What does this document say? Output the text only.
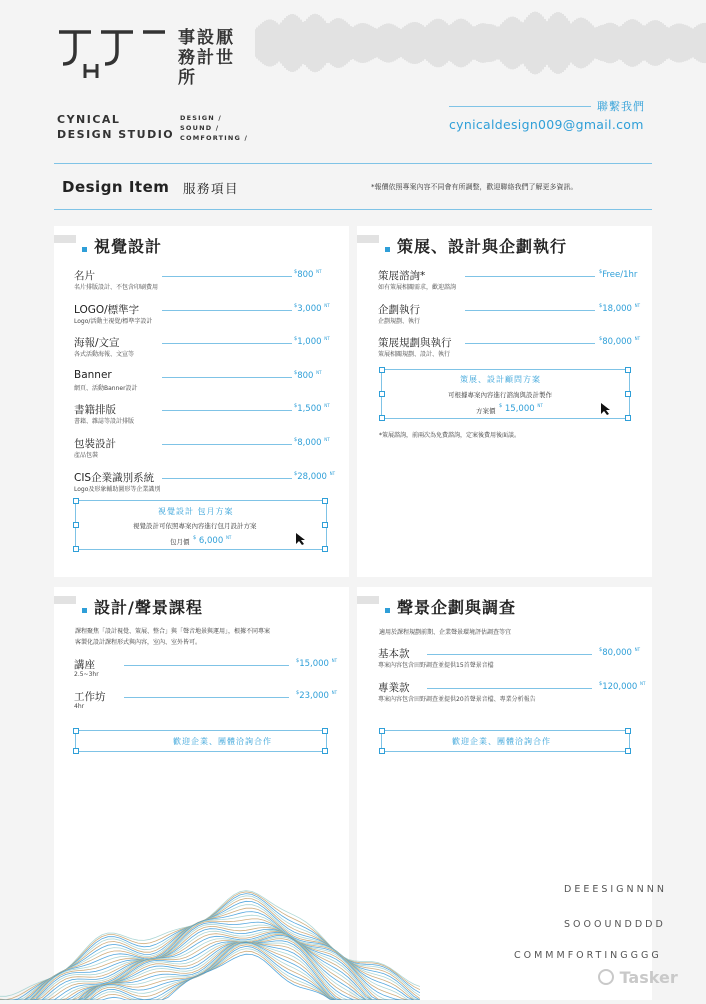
事設厭
務計世
所
CYNICAL
DESIGN STUDIO
DESIGN /
SOUND /
COMFORTING /
聯繫我們
cynicaldesign009@gmail.com
Design Item 服務項目	*報價依照專案內容不同會有所調整，歡迎聯絡我們了解更多資訊。
視覺設計
名片
名片排版設計、不包含印刷費用
$800 $^{NT}$
LOGO/標準字
Logo/活動主視覺/標準字設計
$3,000 $^{NT}$
海報/文宣
各式活動海報、文宣等
$1,000 $^{NT}$
Banner
網頁、活動Banner設計
$800 $^{NT}$
書籍排版
書籍、雜誌等設計排版
$1,500 $^{NT}$
包裝設計
產品包裝
$8,000 $^{NT}$
CIS企業識別系統
Logo及形象輔助圖形等企業識別
$28,000 $^{NT}$
視覺設計 包月方案
視覺設計可依照專案內容進行包月設計方案
包月價 $ 6,000 $^{NT}$
策展、設計與企劃執行
策展諮詢*
如有策展相關需求，歡迎諮詢
$Free/1hr
企劃執行
企劃規劃、執行
$18,000 $^{NT}$
策展規劃與執行
策展相關規劃、設計、執行
$80,000 $^{NT}$
策展、設計顧問方案
可根據專案內容進行諮詢與設計製作
方案價
$ 15,000 $^{NT}$
*策展諮詢，前兩次為免費諮詢，定案後費用後面談。
設計/聲景課程
課程聚焦「設計視覺、策展、整合」與「聲音地景與運用」，根據不同專案
客製化設計課程形式與內容，室內、室外皆可。
講座
2.5~3hr
$15,000 $^{NT}$
工作坊
4hr
$23,000 $^{NT}$
歡迎企業、團體洽詢合作
聲景企劃與調查
適用於課程規劃前期、企業聲景環境評估調查等宜
基本款
專案內容包含田野調查並提供15首聲景音檔
$80,000 $^{NT}$
專業款
專案內容包含田野調查並提供20首聲景音檔、專業分析報告
$120,000 $^{NT}$
歡迎企業、團體洽詢合作
DEEESIGNNNN
SOOOUNDDDD
COMMMFORTINGGGG
Tasker
